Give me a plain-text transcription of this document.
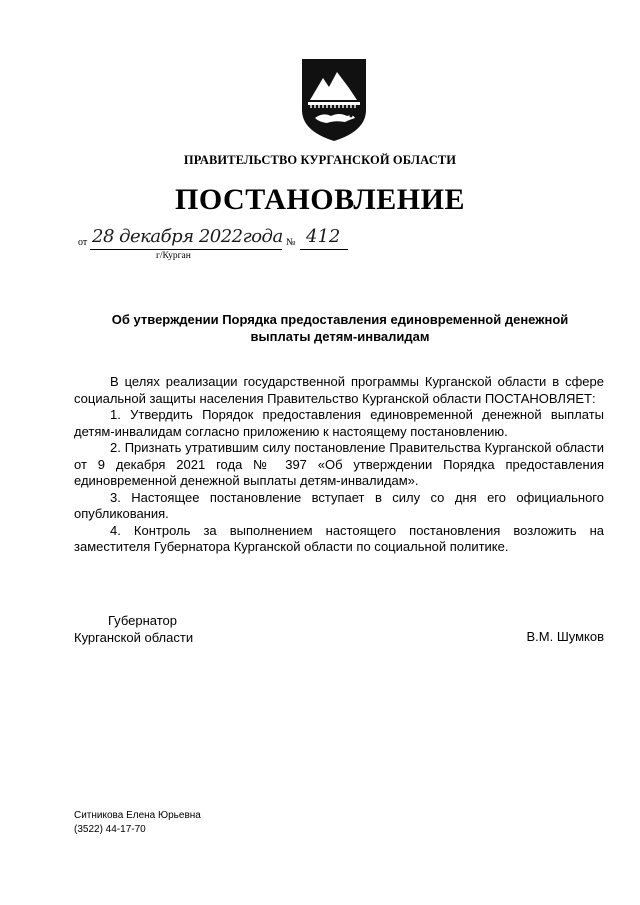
ПРАВИТЕЛЬСТВО КУРГАНСКОЙ ОБЛАСТИ
ПОСТАНОВЛЕНИЕ
от 28 декабря 2022года № 412
г/Курган
Об утверждении Порядка предоставления единовременной денежной выплаты детям-инвалидам

В целях реализации государственной программы Курганской области в сфере социальной защиты населения Правительство Курганской области ПОСТАНОВЛЯЕТ:

1. Утвердить Порядок предоставления единовременной денежной выплаты детям-инвалидам согласно приложению к настоящему постановлению.

2. Признать утратившим силу постановление Правительства Курганской области от 9 декабря 2021 года № 397 «Об утверждении Порядка предоставления единовременной денежной выплаты детям-инвалидам».

3. Настоящее постановление вступает в силу со дня его официального опубликования.

4. Контроль за выполнением настоящего постановления возложить на заместителя Губернатора Курганской области по социальной политике.

Губернатор
Курганской области	В.М. Шумков
Ситникова Елена Юрьевна
(3522) 44-17-70
